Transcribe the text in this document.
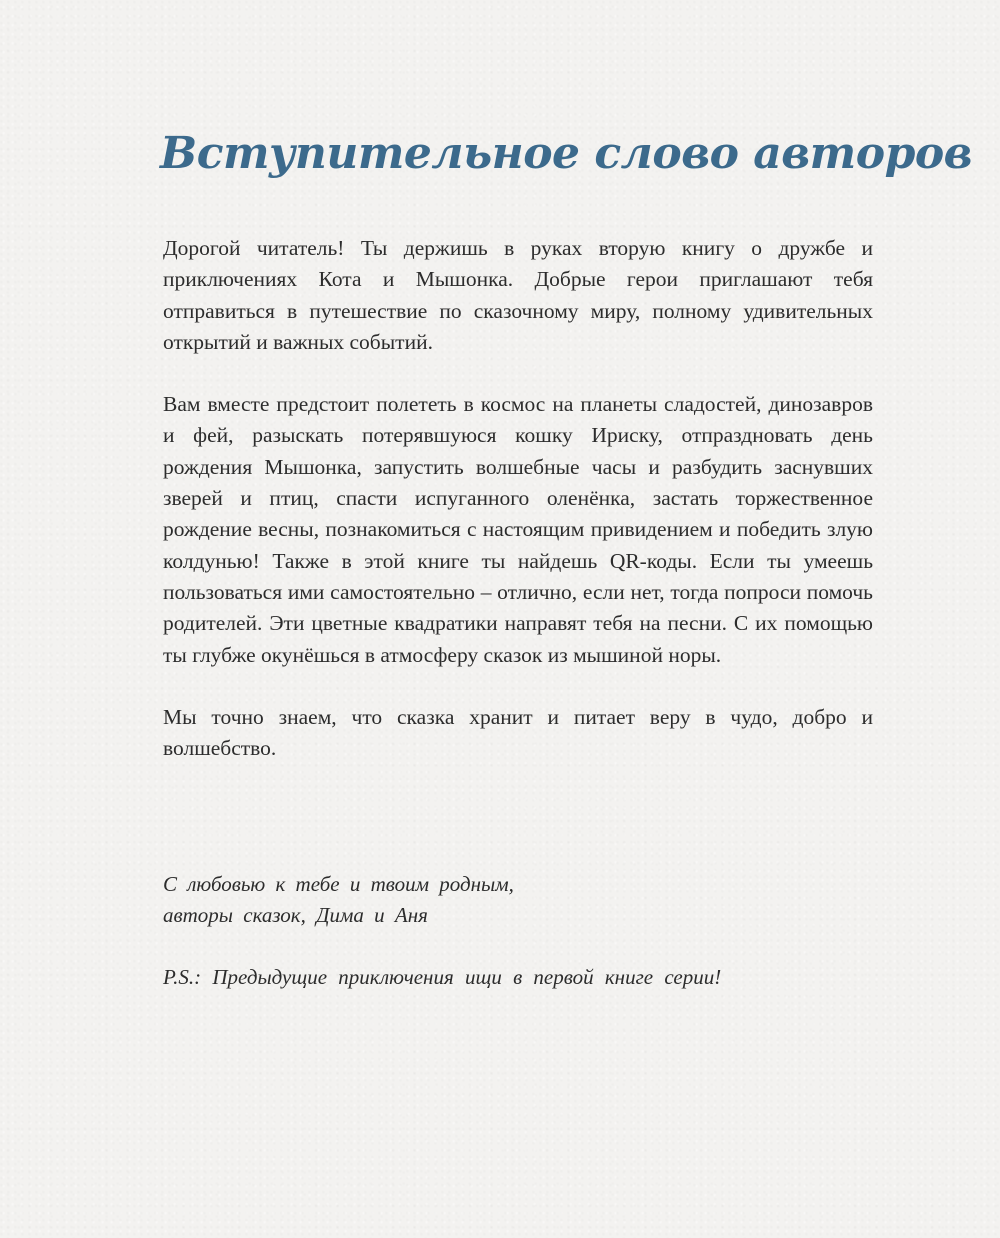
Вступительное слово авторов

Дорогой читатель! Ты держишь в руках вторую книгу о дружбе и приключениях Кота и Мышонка. Добрые герои приглашают тебя отправиться в путешествие по сказочному миру, полному удивительных открытий и важных событий.

Вам вместе предстоит полететь в космос на планеты сладостей, динозавров и фей, разыскать потерявшуюся кошку Ириску, отпраздновать день рождения Мышонка, запустить волшебные часы и разбудить заснувших зверей и птиц, спасти испуганного оленёнка, застать торжественное рождение весны, познакомиться с настоящим привидением и победить злую колдунью! Также в этой книге ты найдешь QR-коды. Если ты умеешь пользоваться ими самостоятельно – отлично, если нет, тогда попроси помочь родителей. Эти цветные квадратики направят тебя на песни. С их помощью ты глубже окунёшься в атмосферу сказок из мышиной норы.

Мы точно знаем, что сказка хранит и питает веру в чудо, добро и волшебство.

С любовью к тебе и твоим родным,
авторы сказок, Дима и Аня
P.S.: Предыдущие приключения ищи в первой книге серии!
